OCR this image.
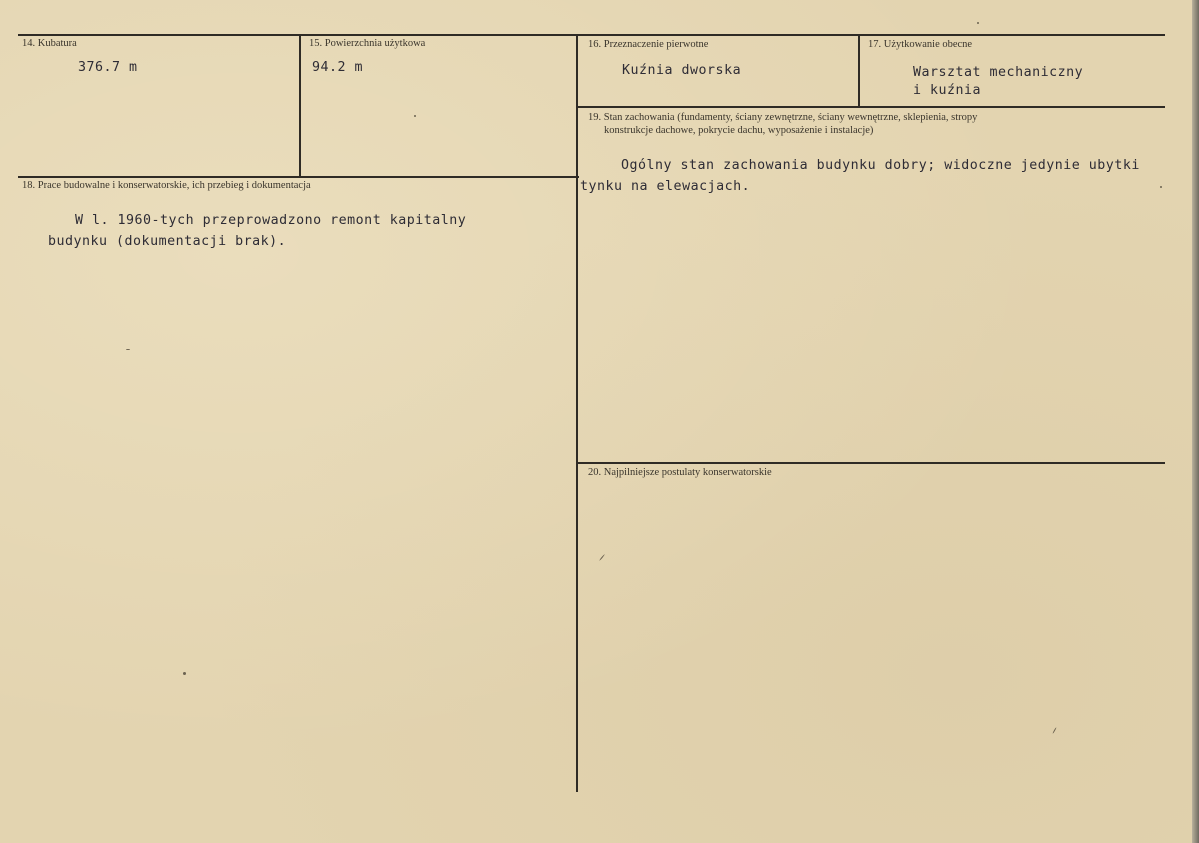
14. Kubatura
376.7 m
15. Powierzchnia użytkowa
94.2 m
16. Przeznaczenie pierwotne
Kuźnia dworska
17. Użytkowanie obecne
Warsztat mechaniczny
i kuźnia
18. Prace budowalne i konserwatorskie, ich przebieg i dokumentacja
W l. 1960-tych przeprowadzono remont kapitalny budynku (dokumentacji brak).
19. Stan zachowania (fundamenty, ściany zewnętrzne, ściany wewnętrzne, sklepienia, stropy
konstrukcje dachowe, pokrycie dachu, wyposażenie i instalacje)
Ogólny stan zachowania budynku dobry; widoczne jedynie ubytki tynku na elewacjach.
20. Najpilniejsze postulaty konserwatorskie
